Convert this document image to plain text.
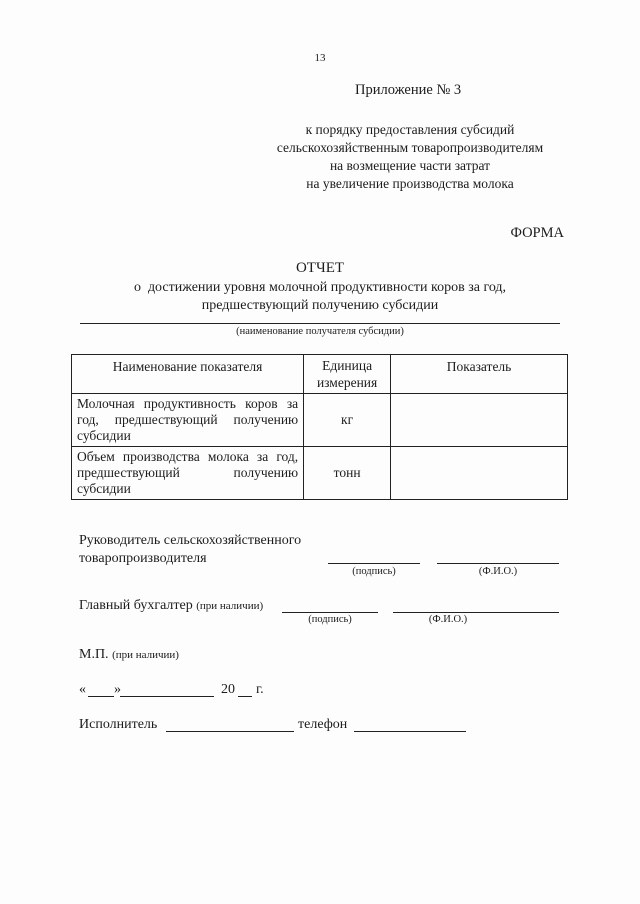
13
Приложение № 3
к порядку предоставления субсидий
сельскохозяйственным товаропроизводителям
на возмещение части затрат
на увеличение производства молока
ФОРМА
ОТЧЕТ
о  достижении уровня молочной продуктивности коров за год,
предшествующий получению субсидии
(наименование получателя субсидии)
Наименование показателя	Единица измерения	Показатель
Молочная продуктивность коров за год, предшествующий получению субсидии	кг	
Объем производства молока за год, предшествующий получению субсидии	тонн	
Руководитель сельскохозяйственного
товаропроизводителя
(подпись)	(Ф.И.О.)
Главный бухгалтер (при наличии)
(подпись)	(Ф.И.О.)
М.П. (при наличии)
« »	20 г.
Исполнитель	телефон
